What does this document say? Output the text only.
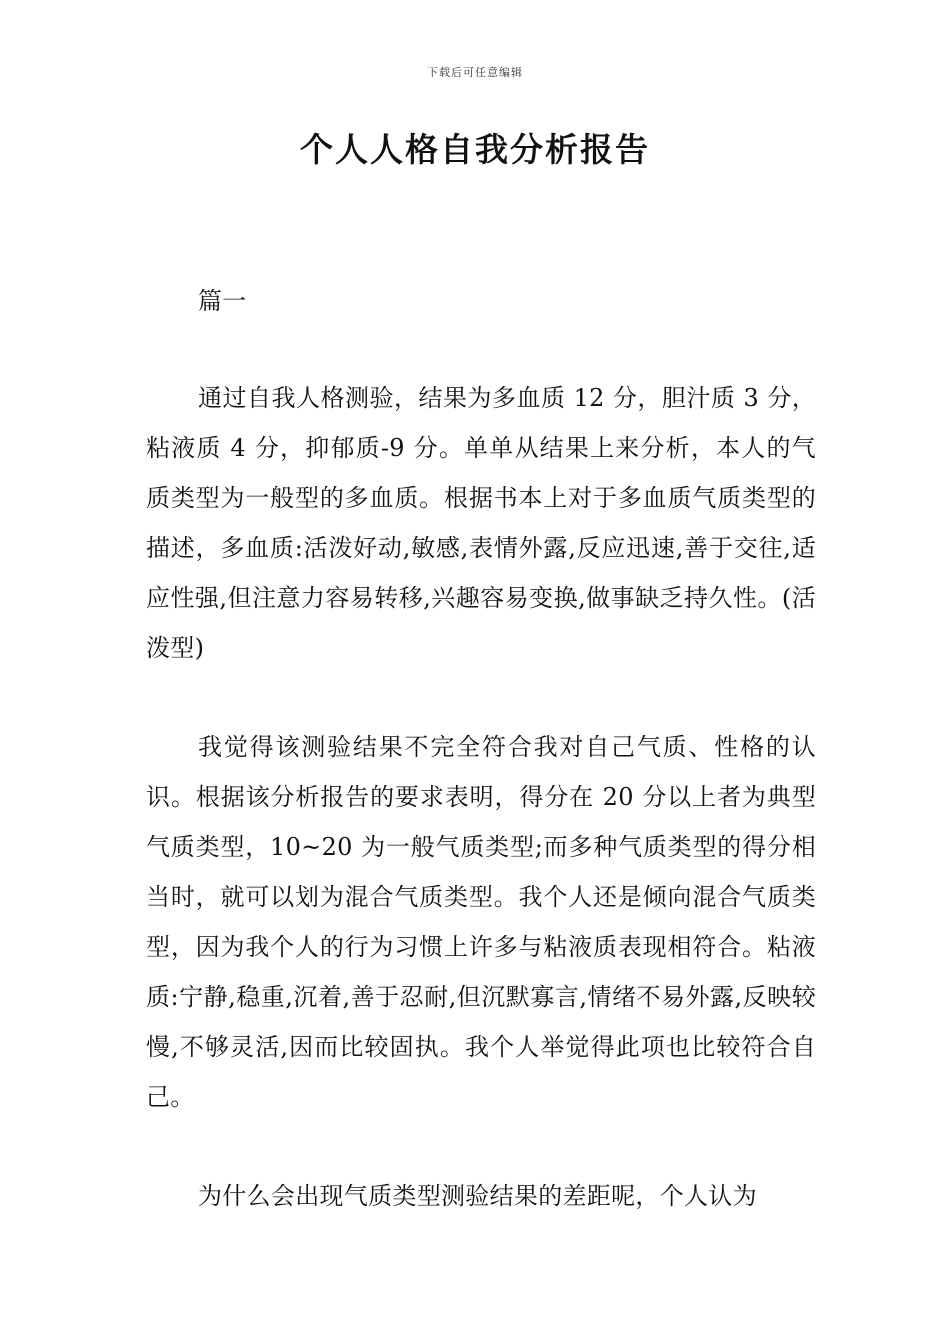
下载后可任意编辑
个人人格自我分析报告
篇一

通过自我人格测验，结果为多血质 12 分，胆汁质 3 分，粘液质 4 分，抑郁质-9 分。单单从结果上来分析，本人的气质类型为一般型的多血质。根据书本上对于多血质气质类型的描述，多血质:活泼好动,敏感,表情外露,反应迅速,善于交往,适应性强,但注意力容易转移,兴趣容易变换,做事缺乏持久性。(活泼型)

我觉得该测验结果不完全符合我对自己气质、性格的认识。根据该分析报告的要求表明，得分在 20 分以上者为典型气质类型，10~20 为一般气质类型;而多种气质类型的得分相当时，就可以划为混合气质类型。我个人还是倾向混合气质类型，因为我个人的行为习惯上许多与粘液质表现相符合。粘液质:宁静,稳重,沉着,善于忍耐,但沉默寡言,情绪不易外露,反映较慢,不够灵活,因而比较固执。我个人举觉得此项也比较符合自己。

为什么会出现气质类型测验结果的差距呢，个人认为
